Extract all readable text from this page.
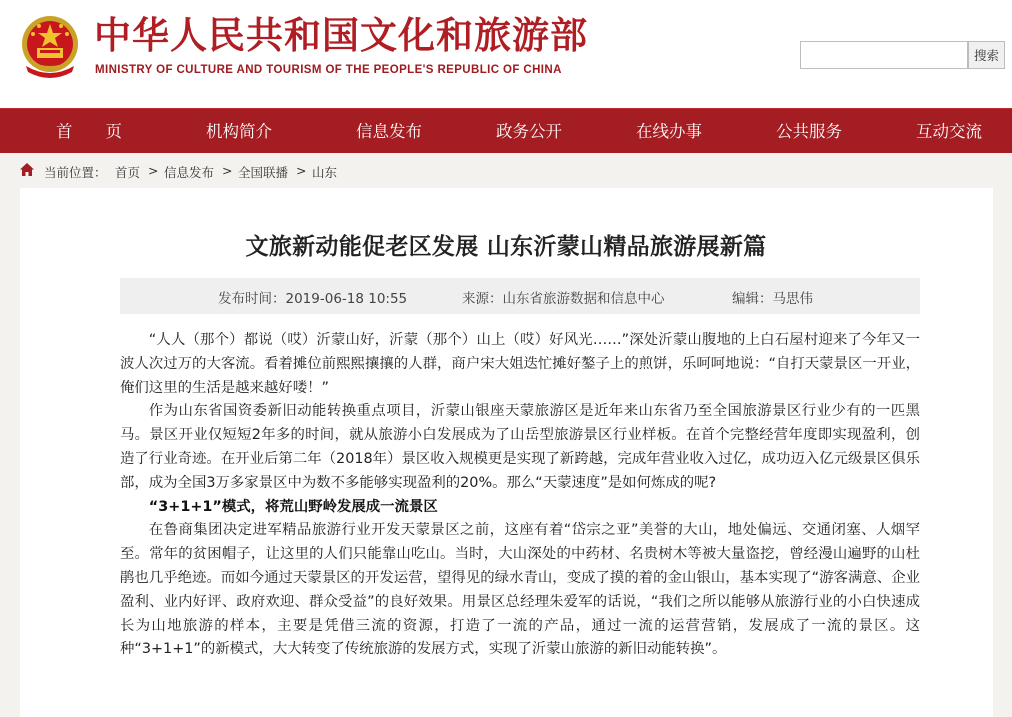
中华人民共和国文化和旅游部
MINISTRY OF CULTURE AND TOURISM OF THE PEOPLE'S REPUBLIC OF CHINA
搜索
首　　页	机构简介	信息发布	政务公开	在线办事	公共服务	互动交流
当前位置： 首页 > 信息发布 > 全国联播 > 山东
文旅新动能促老区发展 山东沂蒙山精品旅游展新篇
发布时间：2019-06-18 10:55	来源：山东省旅游数据和信息中心	编辑：马思伟

“人人（那个）都说（哎）沂蒙山好，沂蒙（那个）山上（哎）好风光……”深处沂蒙山腹地的上白石屋村迎来了今年又一波人次过万的大客流。看着摊位前熙熙攘攘的人群，商户宋大姐迭忙摊好鏊子上的煎饼，乐呵呵地说：“自打天蒙景区一开业，俺们这里的生活是越来越好喽！”

作为山东省国资委新旧动能转换重点项目，沂蒙山银座天蒙旅游区是近年来山东省乃至全国旅游景区行业少有的一匹黑马。景区开业仅短短2年多的时间，就从旅游小白发展成为了山岳型旅游景区行业样板。在首个完整经营年度即实现盈利，创造了行业奇迹。在开业后第二年（2018年）景区收入规模更是实现了新跨越，完成年营业收入过亿，成功迈入亿元级景区俱乐部，成为全国3万多家景区中为数不多能够实现盈利的20%。那么“天蒙速度”是如何炼成的呢?

“3+1+1”模式，将荒山野岭发展成一流景区

在鲁商集团决定进军精品旅游行业开发天蒙景区之前，这座有着“岱宗之亚”美誉的大山，地处偏远、交通闭塞、人烟罕至。常年的贫困帽子，让这里的人们只能靠山吃山。当时，大山深处的中药材、名贵树木等被大量盗挖，曾经漫山遍野的山杜鹃也几乎绝迹。而如今通过天蒙景区的开发运营，望得见的绿水青山，变成了摸的着的金山银山，基本实现了“游客满意、企业盈利、业内好评、政府欢迎、群众受益”的良好效果。用景区总经理朱爱军的话说，“我们之所以能够从旅游行业的小白快速成长为山地旅游的样本，主要是凭借三流的资源，打造了一流的产品，通过一流的运营营销，发展成了一流的景区。这种“3+1+1”的新模式，大大转变了传统旅游的发展方式，实现了沂蒙山旅游的新旧动能转换”。
